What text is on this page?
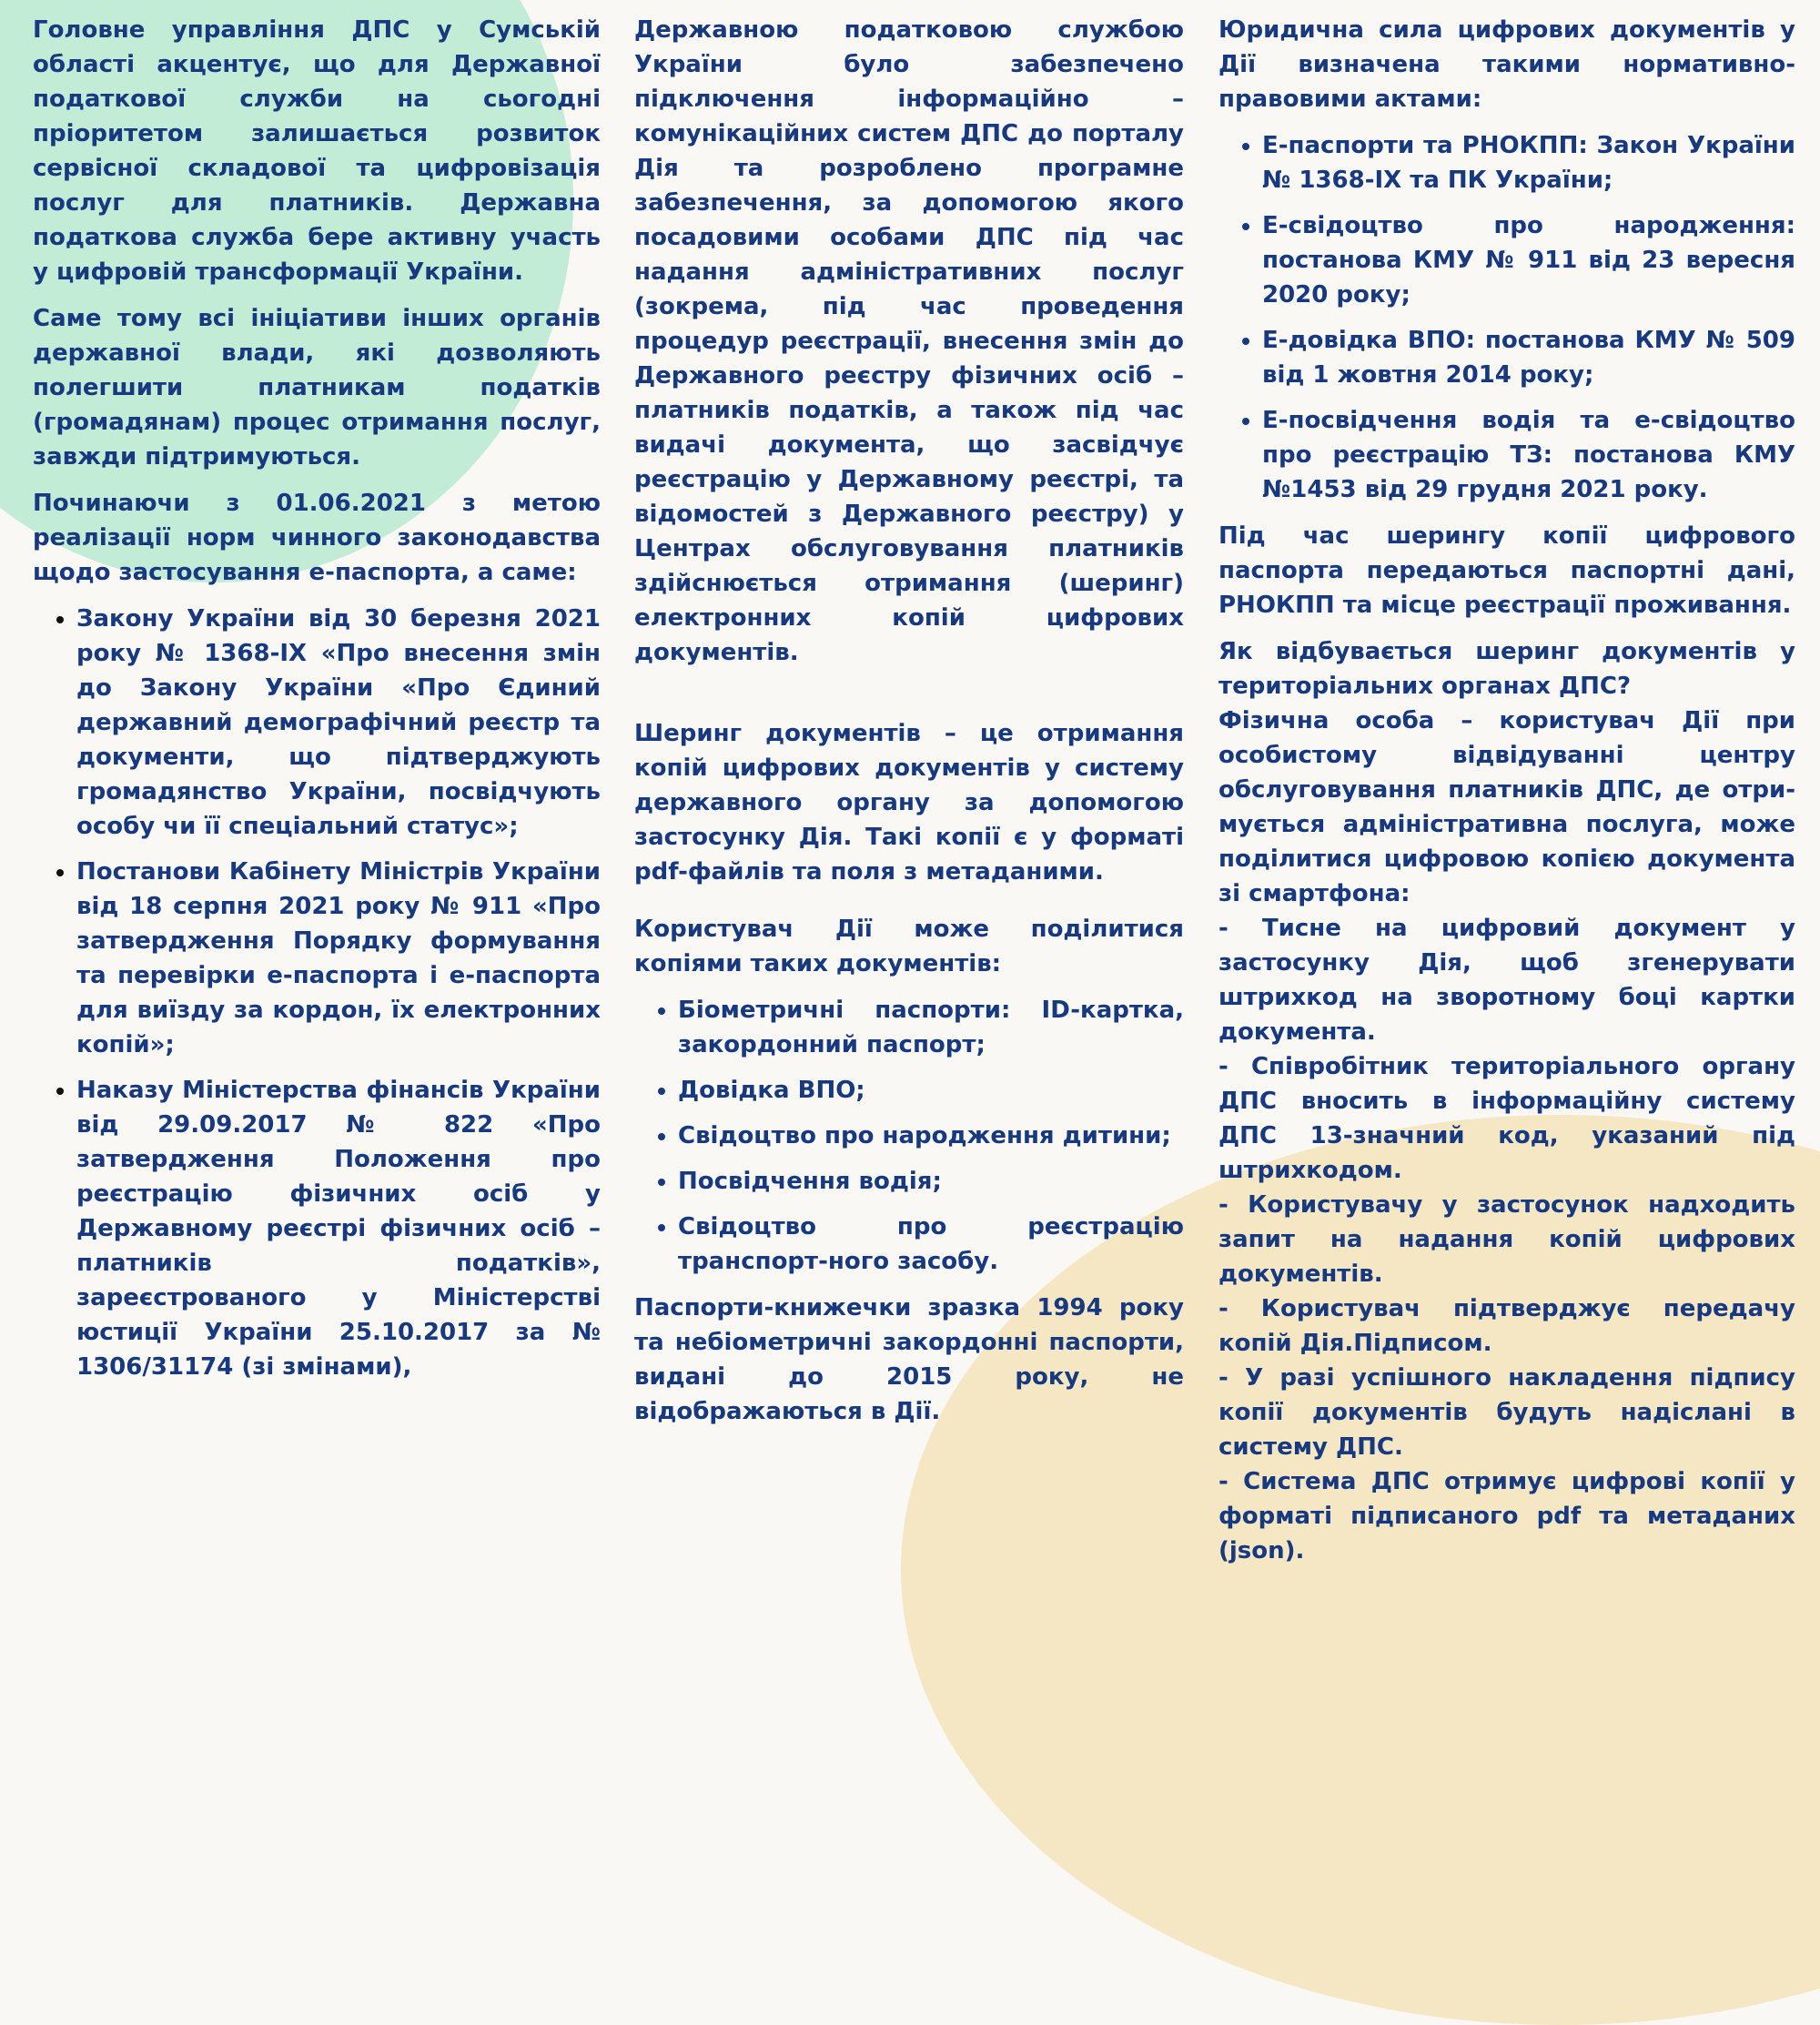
Головне управління ДПС у Сумській області акцентує, що для Державної податкової служби на сьогодні пріоритетом залишається розвиток сервісної складової та цифровізація послуг для платників. Державна податкова служба бере активну участь у цифровій трансформації України.

Саме тому всі ініціативи інших органів державної влади, які дозволяють полегшити платникам податків (громадянам) процес отримання послуг, завжди підтримуються.

Починаючи з 01.06.2021 з метою реалізації норм чинного законодавства щодо застосування е-паспорта, а саме:

• Закону України від 30 березня 2021 року № 1368-IX «Про внесення змін до Закону України «Про Єдиний державний демографічний реєстр та документи, що підтверджують громадянство України, посвідчують особу чи її спеціальний статус»;
• Постанови Кабінету Міністрів України від 18 серпня 2021 року № 911 «Про затвердження Порядку формування та перевірки е-паспорта і е-паспорта для виїзду за кордон, їх електронних копій»;
• Наказу Міністерства фінансів України від 29.09.2017 № 822 «Про затвердження Положення про реєстрацію фізичних осіб у Державному реєстрі фізичних осіб – платників податків», зареєстрованого у Міністерстві юстиції України 25.10.2017 за № 1306/31174 (зі змінами),

Державною податковою службою України було забезпечено підключення інформаційно – комунікаційних систем ДПС до порталу Дія та розроблено програмне забезпечення, за допомогою якого посадовими особами ДПС під час надання адміністративних послуг (зокрема, під час проведення процедур реєстрації, внесення змін до Державного реєстру фізичних осіб – платників податків, а також під час видачі документа, що засвідчує реєстрацію у Державному реєстрі, та відомостей з Державного реєстру) у Центрах обслуговування платників здійснюється отримання (шеринг) електронних копій цифрових документів.

Шеринг документів – це отримання копій цифрових документів у систему державного органу за допомогою застосунку Дія. Такі копії є у форматі pdf-файлів та поля з метаданими.

Користувач Дії може поділитися копіями таких документів:

• Біометричні паспорти: ID-картка, закордонний паспорт;
• Довідка ВПО;
• Свідоцтво про народження дитини;
• Посвідчення водія;
• Свідоцтво про реєстрацію транспорт-ного засобу.

Паспорти-книжечки зразка 1994 року та небіометричні закордонні паспорти, видані до 2015 року, не відображаються в Дії.

Юридична сила цифрових документів у Дії визначена такими нормативно-правовими актами:

• Е-паспорти та РНОКПП: Закон України № 1368-IX та ПК України;
• Е-свідоцтво про народження: постанова КМУ № 911 від 23 вересня 2020 року;
• Е-довідка ВПО: постанова КМУ № 509 від 1 жовтня 2014 року;
• Е-посвідчення водія та е-свідоцтво про реєстрацію ТЗ: постанова КМУ №1453 від 29 грудня 2021 року.

Під час шерингу копії цифрового паспорта передаються паспортні дані, РНОКПП та місце реєстрації проживання.

Як відбувається шеринг документів у територіальних органах ДПС?

Фізична особа – користувач Дії при особистому відвідуванні центру обслуговування платників ДПС, де отри-мується адміністративна послуга, може поділитися цифровою копією документа зі смартфона:

- Тисне на цифровий документ у застосунку Дія, щоб згенерувати штрихкод на зворотному боці картки документа.

- Співробітник територіального органу ДПС вносить в інформаційну систему ДПС 13-значний код, указаний під штрихкодом.

- Користувачу у застосунок надходить запит на надання копій цифрових документів.

- Користувач підтверджує передачу копій Дія.Підписом.

- У разі успішного накладення підпису копії документів будуть надіслані в систему ДПС.

- Система ДПС отримує цифрові копії у форматі підписаного pdf та метаданих (json).
